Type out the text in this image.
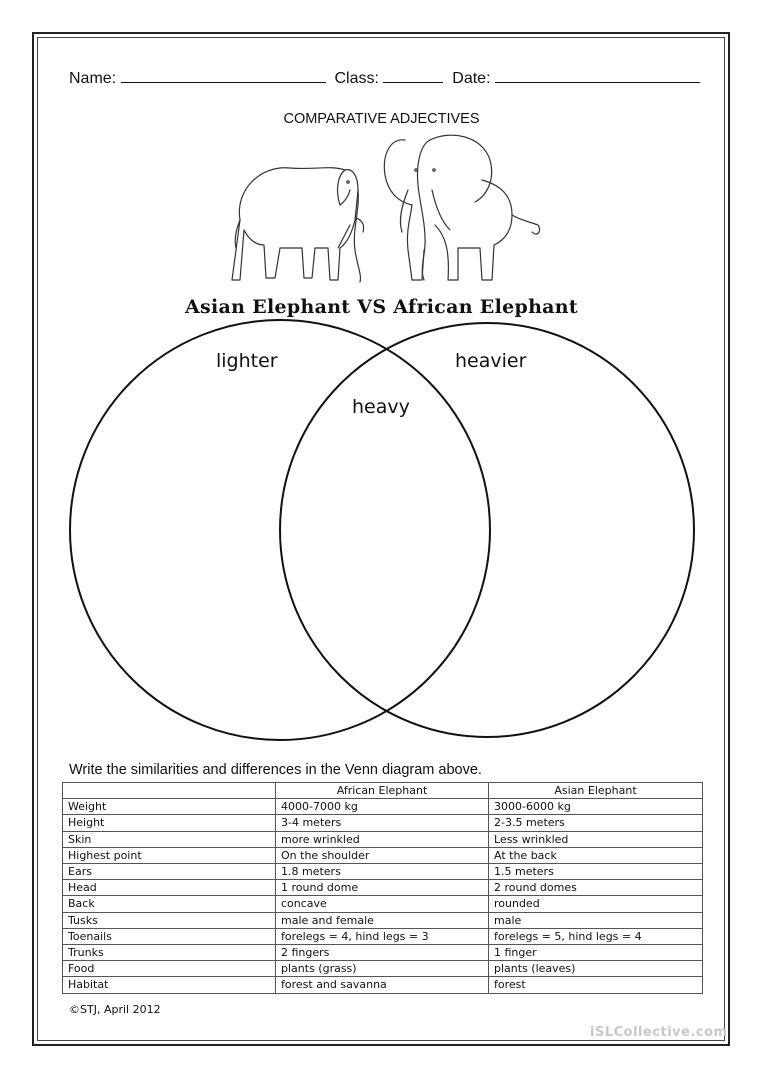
Name:	Class:	Date:
COMPARATIVE ADJECTIVES
Asian Elephant VS African Elephant
lighter	heavier
heavy
Write the similarities and differences in the Venn diagram above.
	African Elephant	Asian Elephant
Weight	4000-7000 kg	3000-6000 kg
Height	3-4 meters	2-3.5 meters
Skin	more wrinkled	Less wrinkled
Highest point	On the shoulder	At the back
Ears	1.8 meters	1.5 meters
Head	1 round dome	2 round domes
Back	concave	rounded
Tusks	male and female	male
Toenails	forelegs = 4, hind legs = 3	forelegs = 5, hind legs = 4
Trunks	2 fingers	1 finger
Food	plants (grass)	plants (leaves)
Habitat	forest and savanna	forest
©STJ, April 2012
iSLCollective.com
